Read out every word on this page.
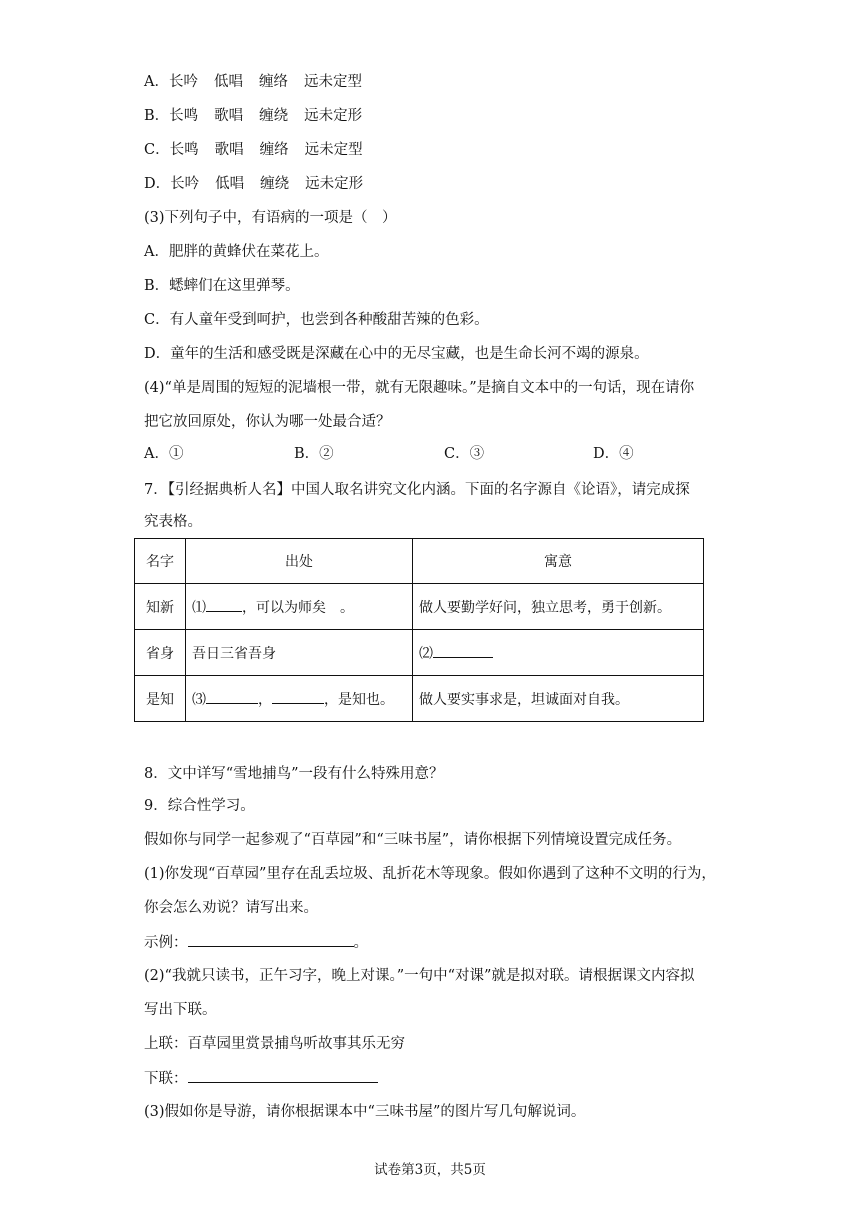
A．长吟 低唱 缠络 远未定型
B．长鸣 歌唱 缠绕 远未定形
C．长鸣 歌唱 缠络 远未定型
D．长吟 低唱 缠绕 远未定形
(3)下列句子中，有语病的一项是（　）
A．肥胖的黄蜂伏在菜花上。
B．蟋蟀们在这里弹琴。
C．有人童年受到呵护，也尝到各种酸甜苦辣的色彩。
D．童年的生活和感受既是深藏在心中的无尽宝藏，也是生命长河不竭的源泉。
(4)“单是周围的短短的泥墙根一带，就有无限趣味。”是摘自文本中的一句话，现在请你
把它放回原处，你认为哪一处最合适？
A．①	B．②	C．③	D．④
7．【引经据典析人名】中国人取名讲究文化内涵。下面的名字源自《论语》，请完成探
究表格。
名字	出处	寓意
知新	⑴ ，可以为师矣　。	做人要勤学好问，独立思考，勇于创新。
省身	吾日三省吾身	⑵
是知	⑶ ， ，是知也。	做人要实事求是，坦诚面对自我。
8．文中详写“雪地捕鸟”一段有什么特殊用意？
9．综合性学习。
假如你与同学一起参观了“百草园”和“三味书屋”，请你根据下列情境设置完成任务。
(1)你发现“百草园”里存在乱丢垃圾、乱折花木等现象。假如你遇到了这种不文明的行为，
你会怎么劝说？请写出来。
示例：	。
(2)“我就只读书，正午习字，晚上对课。”一句中“对课”就是拟对联。请根据课文内容拟
写出下联。
上联：百草园里赏景捕鸟听故事其乐无穷
下联：
(3)假如你是导游，请你根据课本中“三味书屋”的图片写几句解说词。
试卷第3页，共5页
